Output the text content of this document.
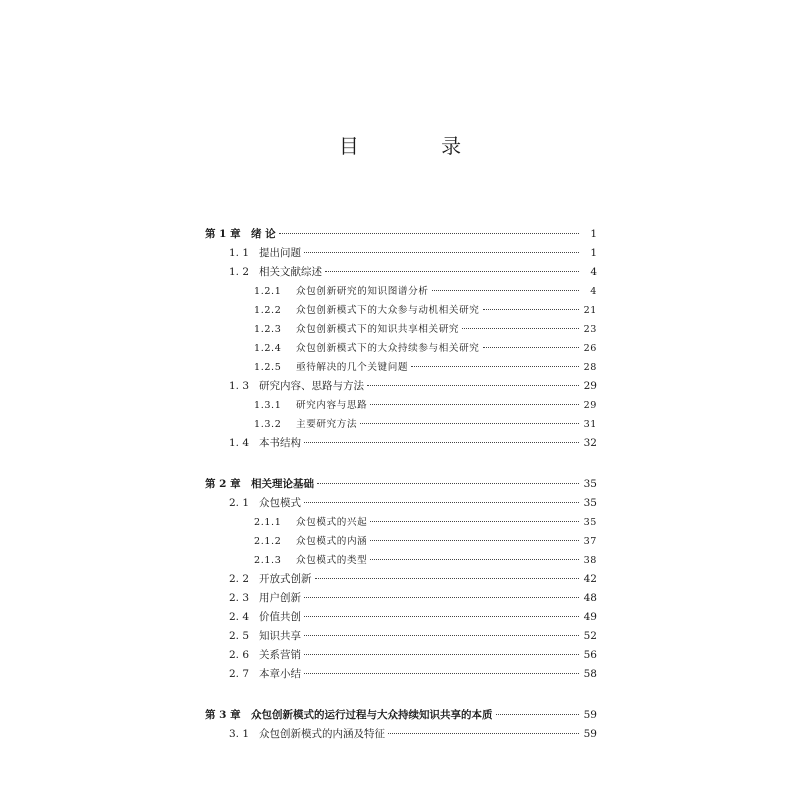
目 录
第 1 章 绪 论	1
1. 1 提出问题	1
1. 2 相关文献综述	4
1.2.1	众包创新研究的知识图谱分析	4
1.2.2	众包创新模式下的大众参与动机相关研究	21
1.2.3	众包创新模式下的知识共享相关研究	23
1.2.4	众包创新模式下的大众持续参与相关研究	26
1.2.5	亟待解决的几个关键问题	28
1. 3 研究内容、思路与方法	29
1.3.1	研究内容与思路	29
1.3.2	主要研究方法	31
1. 4 本书结构	32
第 2 章 相关理论基础	35
2. 1 众包模式	35
2.1.1	众包模式的兴起	35
2.1.2	众包模式的内涵	37
2.1.3	众包模式的类型	38
2. 2 开放式创新	42
2. 3 用户创新	48
2. 4 价值共创	49
2. 5 知识共享	52
2. 6 关系营销	56
2. 7 本章小结	58
第 3 章 众包创新模式的运行过程与大众持续知识共享的本质	59
3. 1 众包创新模式的内涵及特征	59
